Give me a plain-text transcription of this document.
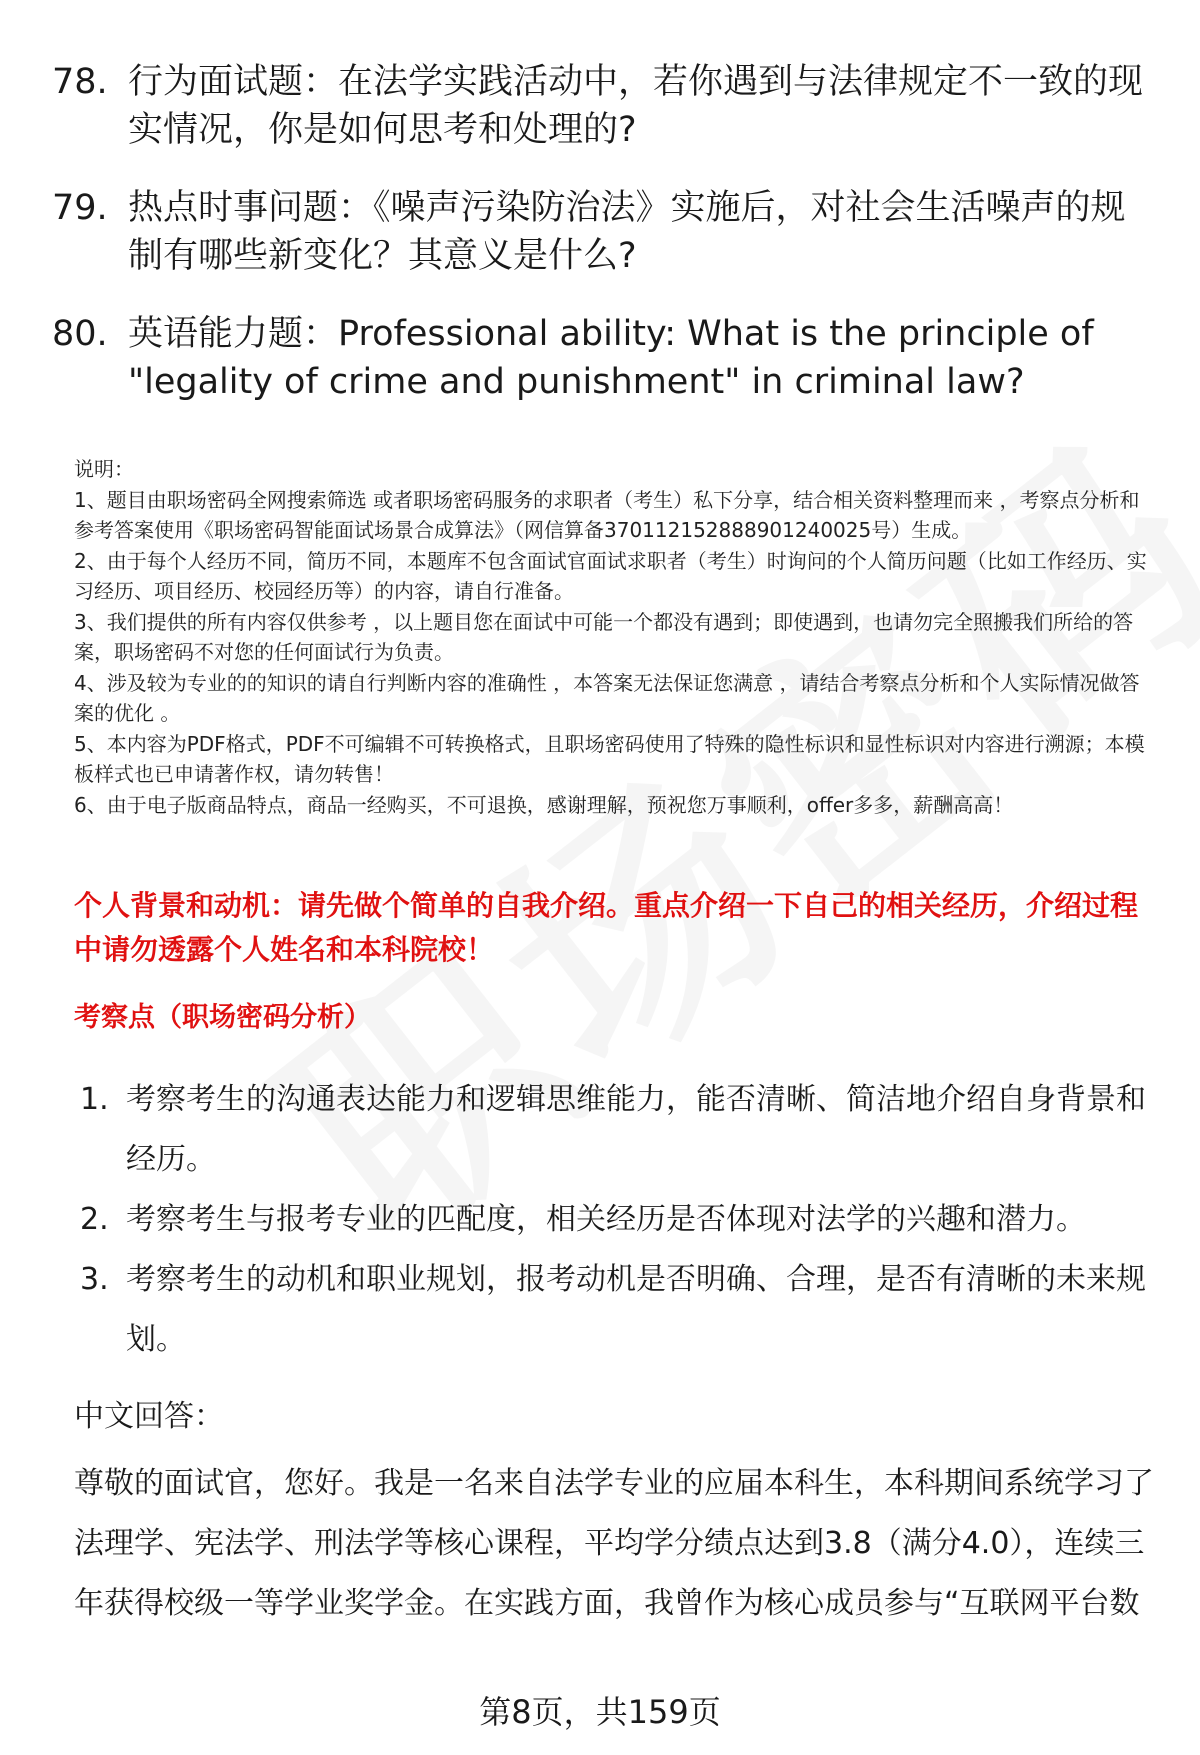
78. 行为面试题：在法学实践活动中，若你遇到与法律规定不一致的现实情况，你是如何思考和处理的?
79. 热点时事问题：《噪声污染防治法》实施后，对社会生活噪声的规制有哪些新变化？其意义是什么?
80. 英语能力题：Professional ability: What is the principle of "legality of crime and punishment" in criminal law?

说明：

1、题目由职场密码全网搜索筛选 或者职场密码服务的求职者（考生）私下分享，结合相关资料整理而来 ，考察点分析和参考答案使用《职场密码智能面试场景合成算法》（网信算备370112152888901240025号）生成。

2、由于每个人经历不同，简历不同，本题库不包含面试官面试求职者（考生）时询问的个人简历问题（比如工作经历、实习经历、项目经历、校园经历等）的内容，请自行准备。

3、我们提供的所有内容仅供参考 ，以上题目您在面试中可能一个都没有遇到；即使遇到，也请勿完全照搬我们所给的答案，职场密码不对您的任何面试行为负责。

4、涉及较为专业的的知识的请自行判断内容的准确性 ，本答案无法保证您满意 ，请结合考察点分析和个人实际情况做答案的优化 。

5、本内容为PDF格式，PDF不可编辑不可转换格式，且职场密码使用了特殊的隐性标识和显性标识对内容进行溯源；本模板样式也已申请著作权，请勿转售！

6、由于电子版商品特点，商品一经购买，不可退换，感谢理解，预祝您万事顺利，offer多多，薪酬高高！

个人背景和动机：请先做个简单的自我介绍。重点介绍一下自己的相关经历，介绍过程中请勿透露个人姓名和本科院校！
考察点（职场密码分析）
1. 考察考生的沟通表达能力和逻辑思维能力，能否清晰、简洁地介绍自身背景和经历。
2. 考察考生与报考专业的匹配度，相关经历是否体现对法学的兴趣和潜力。
3. 考察考生的动机和职业规划，报考动机是否明确、合理，是否有清晰的未来规划。
中文回答：
尊敬的面试官，您好。我是一名来自法学专业的应届本科生，本科期间系统学习了法理学、宪法学、刑法学等核心课程，平均学分绩点达到3.8（满分4.0），连续三年获得校级一等学业奖学金。在实践方面，我曾作为核心成员参与“互联网平台数
第8页，共159页
